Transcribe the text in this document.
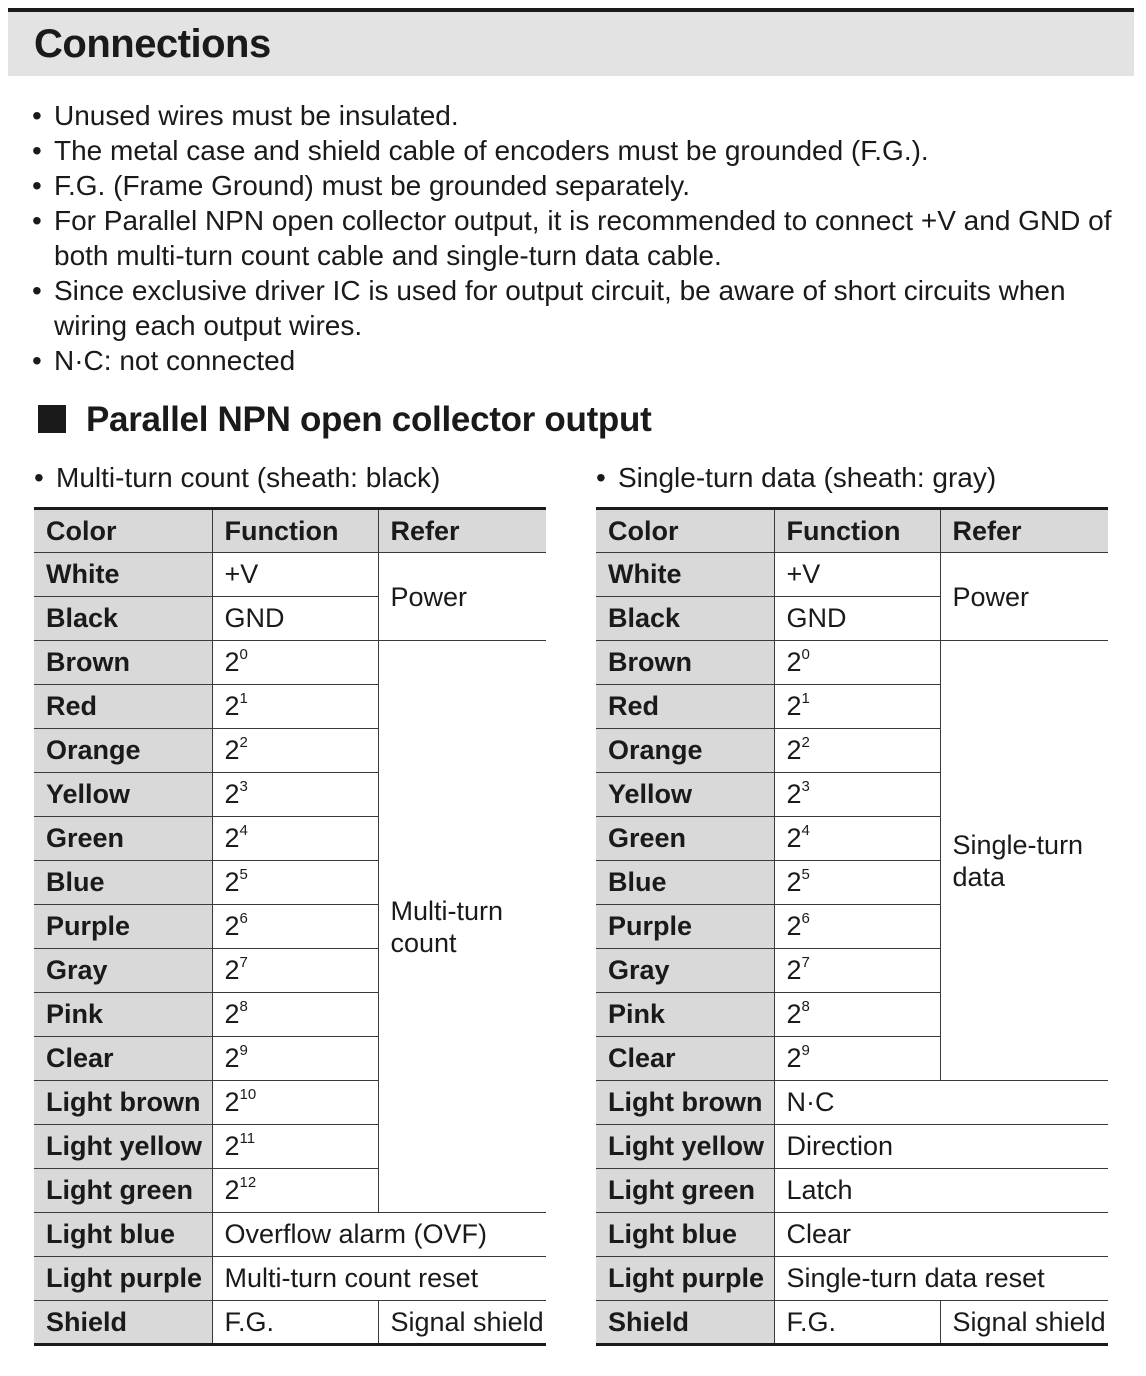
Connections
• Unused wires must be insulated.
• The metal case and shield cable of encoders must be grounded (F.G.).
• F.G. (Frame Ground) must be grounded separately.
• For Parallel NPN open collector output, it is recommended to connect +V and GND of both multi-turn count cable and single-turn data cable.
• Since exclusive driver IC is used for output circuit, be aware of short circuits when wiring each output wires.
• N·C: not connected
Parallel NPN open collector output
• Multi-turn count (sheath: black)	• Single-turn data (sheath: gray)
Color	Function	Refer
White	+V	Power
Black	GND	
Brown	$2^0$	Multi-turn count
Red	$2^1$
Orange	$2^2$
Yellow	$2^3$
Green	$2^4$
Blue	$2^5$
Purple	$2^6$
Gray	$2^7$
Pink	$2^8$
Clear	$2^9$
Light brown	$2^{10}$
Light yellow	$2^{11}$
Light green	$2^{12}$
Light blue	Overflow alarm (OVF)	
Light purple	Multi-turn count reset	
Shield	F.G.	Signal shield
Color	Function	Refer
White	+V	Power
Black	GND	
Brown	$2^0$	Single-turn data
Red	$2^1$
Orange	$2^2$
Yellow	$2^3$
Green	$2^4$
Blue	$2^5$
Purple	$2^6$
Gray	$2^7$
Pink	$2^8$
Clear	$2^9$
Light brown	N·C	
Light yellow	Direction	
Light green	Latch	
Light blue	Clear	
Light purple	Single-turn data reset	
Shield	F.G.	Signal shield
